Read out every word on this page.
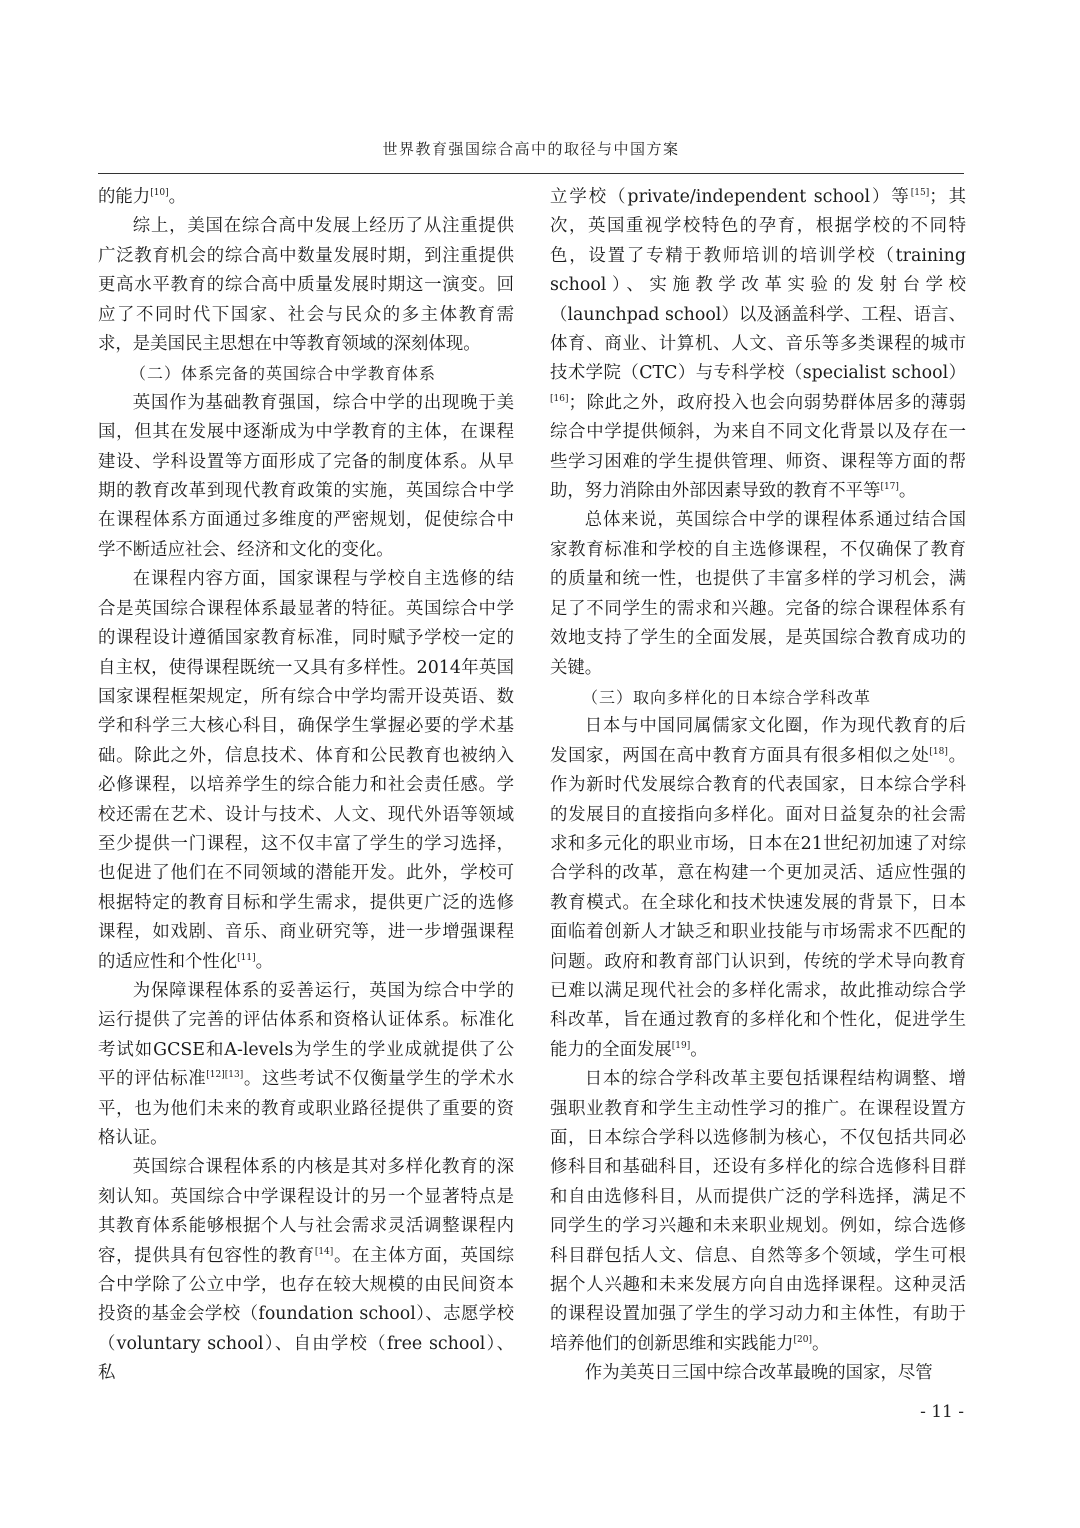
世界教育强国综合高中的取径与中国方案

的能力[10]。

综上，美国在综合高中发展上经历了从注重提供广泛教育机会的综合高中数量发展时期，到注重提供更高水平教育的综合高中质量发展时期这一演变。回应了不同时代下国家、社会与民众的多主体教育需求，是美国民主思想在中等教育领域的深刻体现。

（二）体系完备的英国综合中学教育体系

英国作为基础教育强国，综合中学的出现晚于美国，但其在发展中逐渐成为中学教育的主体，在课程建设、学科设置等方面形成了完备的制度体系。从早期的教育改革到现代教育政策的实施，英国综合中学在课程体系方面通过多维度的严密规划，促使综合中学不断适应社会、经济和文化的变化。

在课程内容方面，国家课程与学校自主选修的结合是英国综合课程体系最显著的特征。英国综合中学的课程设计遵循国家教育标准，同时赋予学校一定的自主权，使得课程既统一又具有多样性。2014年英国国家课程框架规定，所有综合中学均需开设英语、数学和科学三大核心科目，确保学生掌握必要的学术基础。除此之外，信息技术、体育和公民教育也被纳入必修课程，以培养学生的综合能力和社会责任感。学校还需在艺术、设计与技术、人文、现代外语等领域至少提供一门课程，这不仅丰富了学生的学习选择，也促进了他们在不同领域的潜能开发。此外，学校可根据特定的教育目标和学生需求，提供更广泛的选修课程，如戏剧、音乐、商业研究等，进一步增强课程的适应性和个性化[11]。

为保障课程体系的妥善运行，英国为综合中学的运行提供了完善的评估体系和资格认证体系。标准化考试如GCSE和A-levels为学生的学业成就提供了公平的评估标准[12][13]。这些考试不仅衡量学生的学术水平，也为他们未来的教育或职业路径提供了重要的资格认证。

英国综合课程体系的内核是其对多样化教育的深刻认知。英国综合中学课程设计的另一个显著特点是其教育体系能够根据个人与社会需求灵活调整课程内容，提供具有包容性的教育[14]。在主体方面，英国综合中学除了公立中学，也存在较大规模的由民间资本投资的基金会学校（foundation school）、志愿学校（voluntary school）、自由学校（free school）、私

立学校（private/independent school）等[15]；其次，英国重视学校特色的孕育，根据学校的不同特色，设置了专精于教师培训的培训学校（training school）、实施教学改革实验的发射台学校（launchpad school）以及涵盖科学、工程、语言、体育、商业、计算机、人文、音乐等多类课程的城市技术学院（CTC）与专科学校（specialist school）[16]；除此之外，政府投入也会向弱势群体居多的薄弱综合中学提供倾斜，为来自不同文化背景以及存在一些学习困难的学生提供管理、师资、课程等方面的帮助，努力消除由外部因素导致的教育不平等[17]。

总体来说，英国综合中学的课程体系通过结合国家教育标准和学校的自主选修课程，不仅确保了教育的质量和统一性，也提供了丰富多样的学习机会，满足了不同学生的需求和兴趣。完备的综合课程体系有效地支持了学生的全面发展，是英国综合教育成功的关键。

（三）取向多样化的日本综合学科改革

日本与中国同属儒家文化圈，作为现代教育的后发国家，两国在高中教育方面具有很多相似之处[18]。作为新时代发展综合教育的代表国家，日本综合学科的发展目的直接指向多样化。面对日益复杂的社会需求和多元化的职业市场，日本在21世纪初加速了对综合学科的改革，意在构建一个更加灵活、适应性强的教育模式。在全球化和技术快速发展的背景下，日本面临着创新人才缺乏和职业技能与市场需求不匹配的问题。政府和教育部门认识到，传统的学术导向教育已难以满足现代社会的多样化需求，故此推动综合学科改革，旨在通过教育的多样化和个性化，促进学生能力的全面发展[19]。

日本的综合学科改革主要包括课程结构调整、增强职业教育和学生主动性学习的推广。在课程设置方面，日本综合学科以选修制为核心，不仅包括共同必修科目和基础科目，还设有多样化的综合选修科目群和自由选修科目，从而提供广泛的学科选择，满足不同学生的学习兴趣和未来职业规划。例如，综合选修科目群包括人文、信息、自然等多个领域，学生可根据个人兴趣和未来发展方向自由选择课程。这种灵活的课程设置加强了学生的学习动力和主体性，有助于培养他们的创新思维和实践能力[20]。

作为美英日三国中综合改革最晚的国家，尽管

- 11 -
